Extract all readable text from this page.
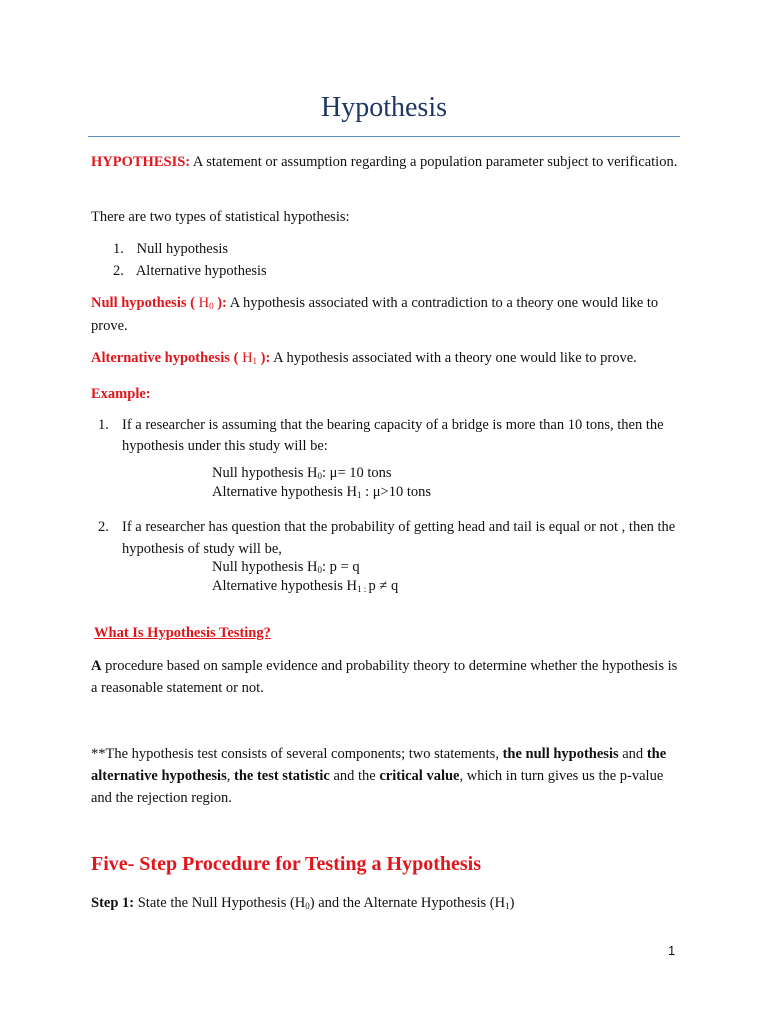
Hypothesis
HYPOTHESIS: A statement or assumption regarding a population parameter subject to verification.
There are two types of statistical hypothesis:
1. Null hypothesis
2. Alternative hypothesis
Null hypothesis ( H0 ): A hypothesis associated with a contradiction to a theory one would like to prove.
Alternative hypothesis ( H1 ): A hypothesis associated with a theory one would like to prove.
Example:
1. If a researcher is assuming that the bearing capacity of a bridge is more than 10 tons, then the hypothesis under this study will be:
Null hypothesis H0: μ= 10 tons
Alternative hypothesis H1 : μ>10 tons
2. If a researcher has question that the probability of getting head and tail is equal or not , then the hypothesis of study will be,
Null hypothesis H0: p = q
Alternative hypothesis H1 : p ≠ q
What Is Hypothesis Testing?
A procedure based on sample evidence and probability theory to determine whether the hypothesis is a reasonable statement or not.
**The hypothesis test consists of several components; two statements, the null hypothesis and the alternative hypothesis, the test statistic and the critical value, which in turn gives us the p-value and the rejection region.
Five- Step Procedure for Testing a Hypothesis
Step 1: State the Null Hypothesis (H0) and the Alternate Hypothesis (H1)
1
